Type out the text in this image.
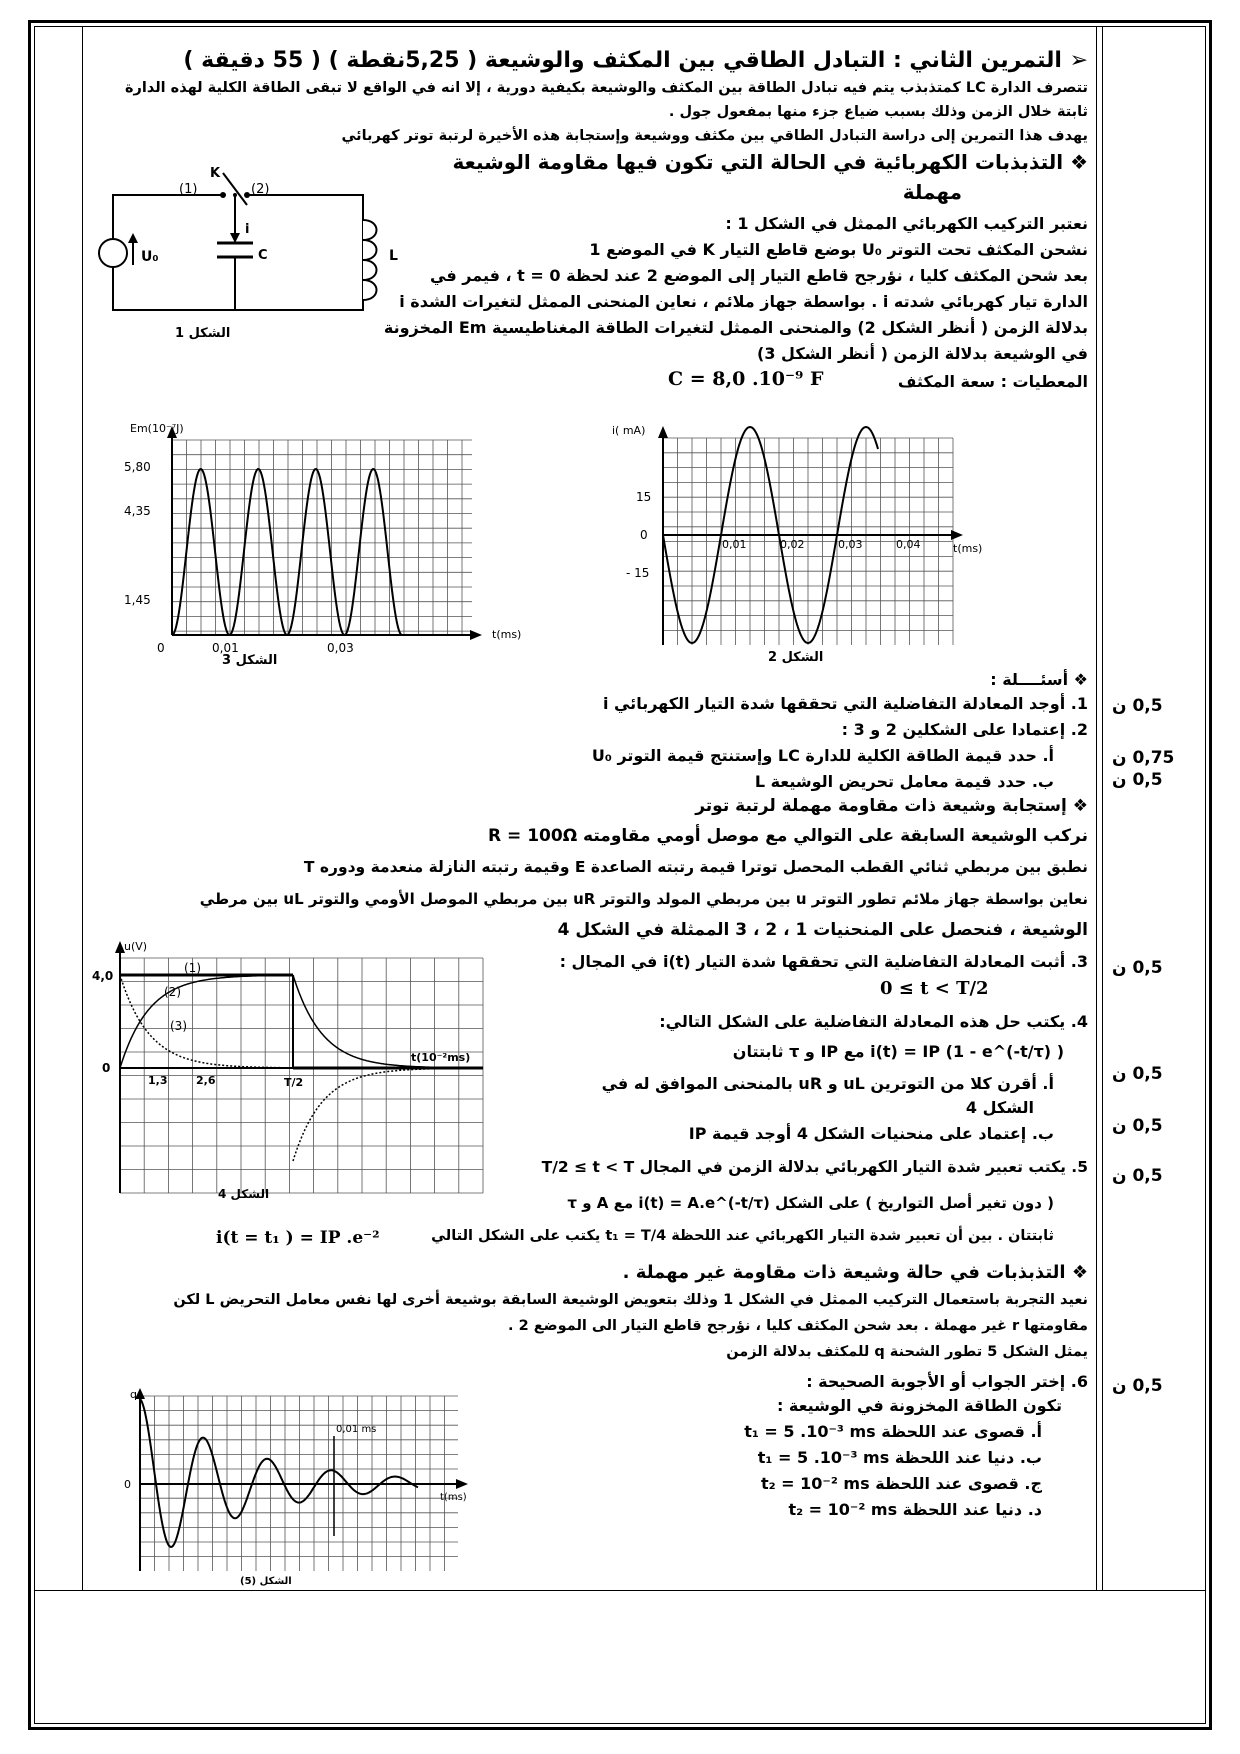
➢ التمرين الثاني : التبادل الطاقي بين المكثف والوشيعة ( 5,25نقطة ) ( 55 دقيقة )
تتصرف الدارة LC كمتذبذب يتم فيه تبادل الطاقة بين المكثف والوشيعة بكيفية دورية ، إلا انه في الواقع لا تبقى الطاقة الكلية لهذه الدارة
ثابتة خلال الزمن وذلك بسبب ضياع جزء منها بمفعول جول .
يهدف هذا التمرين إلى دراسة التبادل الطاقي بين مكثف ووشيعة وإستجابة هذه الأخيرة لرتبة توتر كهربائي
❖ التذبذبات الكهربائية في الحالة التي تكون فيها مقاومة الوشيعة
مهملة
نعتبر التركيب الكهربائي الممثل في الشكل 1 :
نشحن المكثف تحت التوتر U₀ بوضع قاطع التيار K في الموضع 1
بعد شحن المكثف كليا ، نؤرجح قاطع التيار إلى الموضع 2 عند لحظة t = 0 ، فيمر في
الدارة تيار كهربائي شدته i . بواسطة جهاز ملائم ، نعاين المنحنى الممثل لتغيرات الشدة i
بدلالة الزمن ( أنظر الشكل 2) والمنحنى الممثل لتغيرات الطاقة المغناطيسية Em المخزونة
في الوشيعة بدلالة الزمن ( أنظر الشكل 3)
المعطيات : سعة المكثف
C = 8,0 .10⁻⁹ F
K
(1)	(2)
U₀
i
C	L
الشكل 1
Em(10⁻⁷J)
t(ms)
5,80
4,35
1,45
0	0,01	0,03
الشكل 3
i( mA)
t(ms)
15
0
- 15
0,01	0,02	0,03	0,04
الشكل 2
❖ أسئــــلة :
1. أوجد المعادلة التفاضلية التي تحققها شدة التيار الكهربائي i
2. إعتمادا على الشكلين 2 و 3 :
أ. حدد قيمة الطاقة الكلية للدارة LC وإستنتج قيمة التوتر U₀
ب. حدد قيمة معامل تحريض الوشيعة L
❖ إستجابة وشيعة ذات مقاومة مهملة لرتبة توتر
نركب الوشيعة السابقة على التوالي مع موصل أومي مقاومته R = 100Ω
نطبق بين مربطي ثنائي القطب المحصل توترا قيمة رتبته الصاعدة E وقيمة رتبته النازلة منعدمة ودوره T
نعاين بواسطة جهاز ملائم تطور التوتر u بين مربطي المولد والتوتر uR بين مربطي الموصل الأومي والتوتر uL بين مرطي
الوشيعة ، فنحصل على المنحنيات 1 ، 2 ، 3 الممثلة في الشكل 4
u(V)
t(10⁻²ms)
4,0
0
1,3	2,6	T/2
(1)
(2)
(3)
الشكل 4
3. أثبت المعادلة التفاضلية التي تحققها شدة التيار i(t) في المجال :
0 ≤ t < T/2
4. يكتب حل هذه المعادلة التفاضلية على الشكل التالي:
i(t) = IP (1 - e^(-t/τ) ) مع IP و τ ثابتتان
أ. أقرن كلا من التوترين uL و uR بالمنحنى الموافق له في
الشكل 4
ب. إعتماد على منحنيات الشكل 4 أوجد قيمة IP
5. يكتب تعبير شدة التيار الكهربائي بدلالة الزمن في المجال T/2 ≤ t < T
( دون تغير أصل التواريخ ) على الشكل i(t) = A.e^(-t/τ) مع A و τ
ثابتتان . بين أن تعبير شدة التيار الكهربائي عند اللحظة t₁ = T/4 يكتب على الشكل التالي
i(t = t₁ ) = IP .e⁻²
❖ التذبذبات في حالة وشيعة ذات مقاومة غير مهملة .
نعيد التجربة باستعمال التركيب الممثل في الشكل 1 وذلك بتعويض الوشيعة السابقة بوشيعة أخرى لها نفس معامل التحريض L لكن
مقاومتها r غير مهملة . بعد شحن المكثف كليا ، نؤرجح قاطع التيار الى الموضع 2 .
يمثل الشكل 5 تطور الشحنة q للمكثف بدلالة الزمن
6. إختر الجواب أو الأجوبة الصحيحة :
تكون الطاقة المخزونة في الوشيعة :
أ. قصوى عند اللحظة t₁ = 5 .10⁻³ ms
ب. دنيا عند اللحظة t₁ = 5 .10⁻³ ms
ج. قصوى عند اللحظة t₂ = 10⁻² ms
د. دنيا عند اللحظة t₂ = 10⁻² ms
q
0
t(ms)
0,01 ms
الشكل (5)
0,5 ن
0,75 ن
0,5 ن
0,5 ن
0,5 ن
0,5 ن
0,5 ن
0,5 ن
